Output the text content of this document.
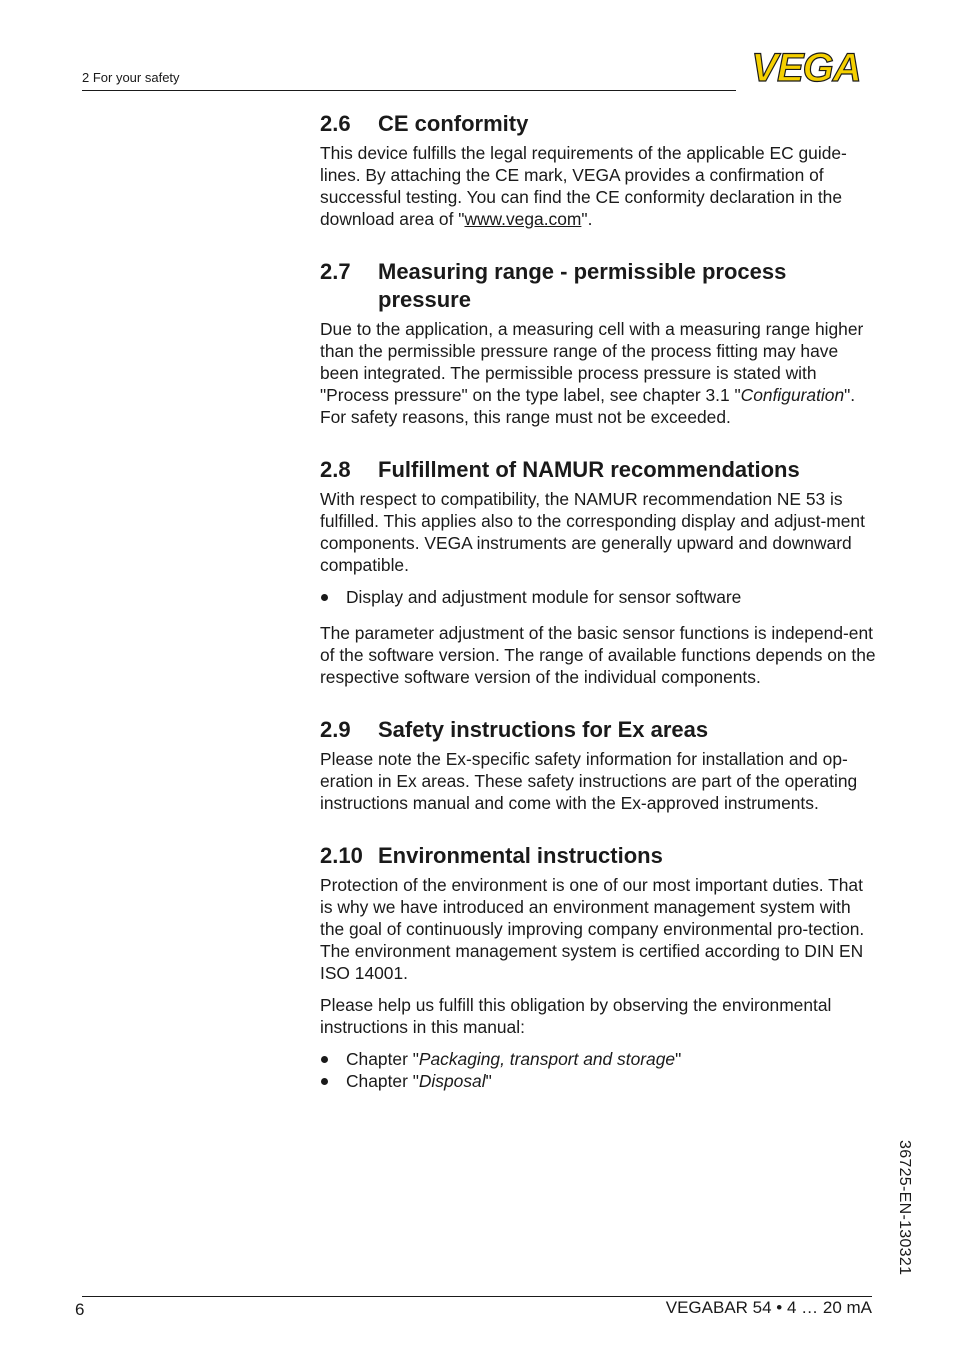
2 For your safety	VEGA
2.6	CE conformity

This device fulfills the legal requirements of the applicable EC guide-lines. By attaching the CE mark, VEGA provides a confirmation of successful testing. You can find the CE conformity declaration in the download area of "www.vega.com".

2.7	Measuring range - permissible process pressure

Due to the application, a measuring cell with a measuring range higher than the permissible pressure range of the process fitting may have been integrated. The permissible process pressure is stated with "Process pressure" on the type label, see chapter 3.1 "Configuration". For safety reasons, this range must not be exceeded.

2.8	Fulfillment of NAMUR recommendations

With respect to compatibility, the NAMUR recommendation NE 53 is fulfilled. This applies also to the corresponding display and adjust-ment components. VEGA instruments are generally upward and downward compatible.

Display and adjustment module for sensor software

The parameter adjustment of the basic sensor functions is independ-ent of the software version. The range of available functions depends on the respective software version of the individual components.

2.9	Safety instructions for Ex areas

Please note the Ex-specific safety information for installation and op-eration in Ex areas. These safety instructions are part of the operating instructions manual and come with the Ex-approved instruments.

2.10 Environmental instructions

Protection of the environment is one of our most important duties. That is why we have introduced an environment management system with the goal of continuously improving company environmental pro-tection. The environment management system is certified according to DIN EN ISO 14001.

Please help us fulfill this obligation by observing the environmental instructions in this manual:

Chapter "Packaging, transport and storage"
Chapter "Disposal"
36725-EN-130321
6	VEGABAR 54 • 4 … 20 mA
